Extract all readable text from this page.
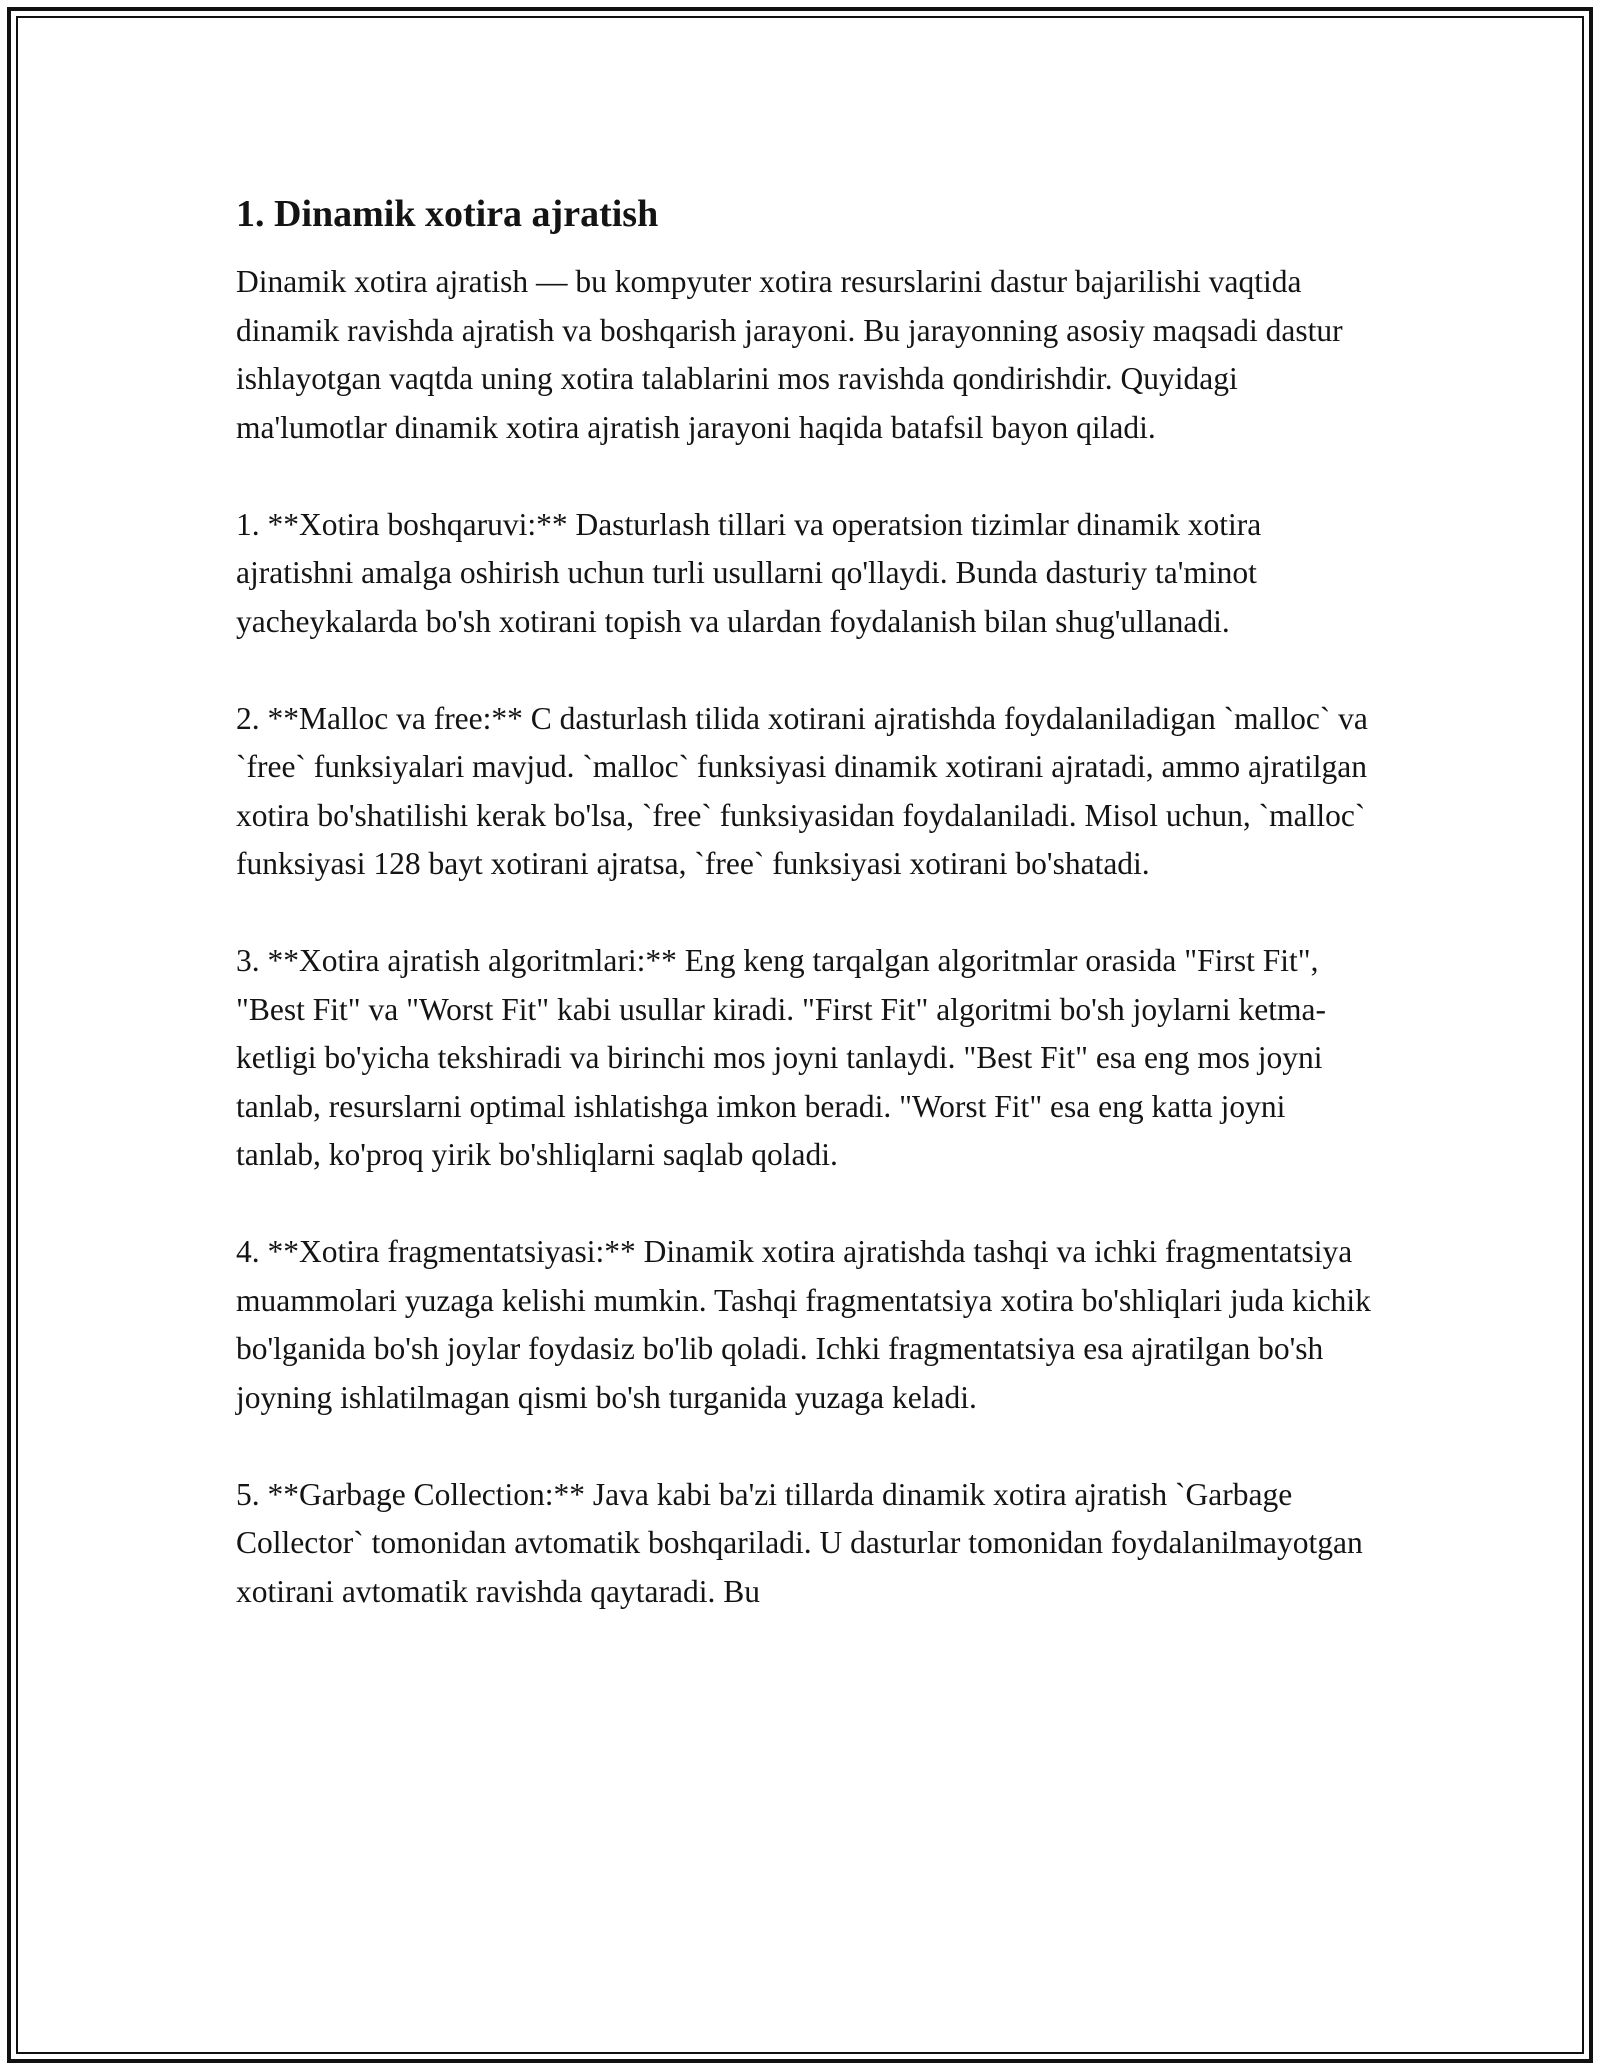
1. Dinamik xotira ajratish

Dinamik xotira ajratish — bu kompyuter xotira resurslarini dastur bajarilishi vaqtida dinamik ravishda ajratish va boshqarish jarayoni. Bu jarayonning asosiy maqsadi dastur ishlayotgan vaqtda uning xotira talablarini mos ravishda qondirishdir. Quyidagi ma'lumotlar dinamik xotira ajratish jarayoni haqida batafsil bayon qiladi.

1. **Xotira boshqaruvi:** Dasturlash tillari va operatsion tizimlar dinamik xotira ajratishni amalga oshirish uchun turli usullarni qo'llaydi. Bunda dasturiy ta'minot yacheykalarda bo'sh xotirani topish va ulardan foydalanish bilan shug'ullanadi.

2. **Malloc va free:** C dasturlash tilida xotirani ajratishda foydalaniladigan `malloc` va `free` funksiyalari mavjud. `malloc` funksiyasi dinamik xotirani ajratadi, ammo ajratilgan xotira bo'shatilishi kerak bo'lsa, `free` funksiyasidan foydalaniladi. Misol uchun, `malloc` funksiyasi 128 bayt xotirani ajratsa, `free` funksiyasi xotirani bo'shatadi.

3. **Xotira ajratish algoritmlari:** Eng keng tarqalgan algoritmlar orasida "First Fit", "Best Fit" va "Worst Fit" kabi usullar kiradi. "First Fit" algoritmi bo'sh joylarni ketma-ketligi bo'yicha tekshiradi va birinchi mos joyni tanlaydi. "Best Fit" esa eng mos joyni tanlab, resurslarni optimal ishlatishga imkon beradi. "Worst Fit" esa eng katta joyni tanlab, ko'proq yirik bo'shliqlarni saqlab qoladi.

4. **Xotira fragmentatsiyasi:** Dinamik xotira ajratishda tashqi va ichki fragmentatsiya muammolari yuzaga kelishi mumkin. Tashqi fragmentatsiya xotira bo'shliqlari juda kichik bo'lganida bo'sh joylar foydasiz bo'lib qoladi. Ichki fragmentatsiya esa ajratilgan bo'sh joyning ishlatilmagan qismi bo'sh turganida yuzaga keladi.

5. **Garbage Collection:** Java kabi ba'zi tillarda dinamik xotira ajratish `Garbage Collector` tomonidan avtomatik boshqariladi. U dasturlar tomonidan foydalanilmayotgan xotirani avtomatik ravishda qaytaradi. Bu
